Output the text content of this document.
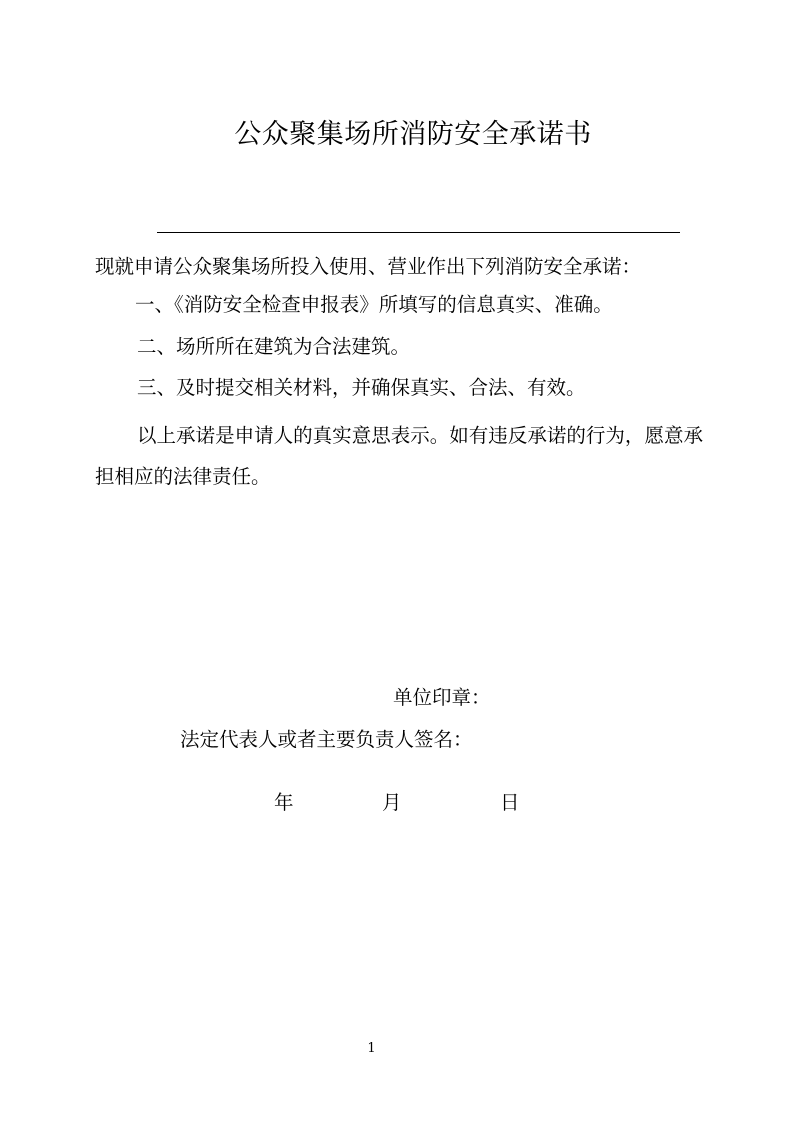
公众聚集场所消防安全承诺书

现就申请公众聚集场所投入使用、营业作出下列消防安全承诺：

一、《消防安全检查申报表》所填写的信息真实、准确。

二、场所所在建筑为合法建筑。

三、及时提交相关材料，并确保真实、合法、有效。

以上承诺是申请人的真实意思表示。如有违反承诺的行为，愿意承担相应的法律责任。

单位印章：

法定代表人或者主要负责人签名：

年	月	日
1
